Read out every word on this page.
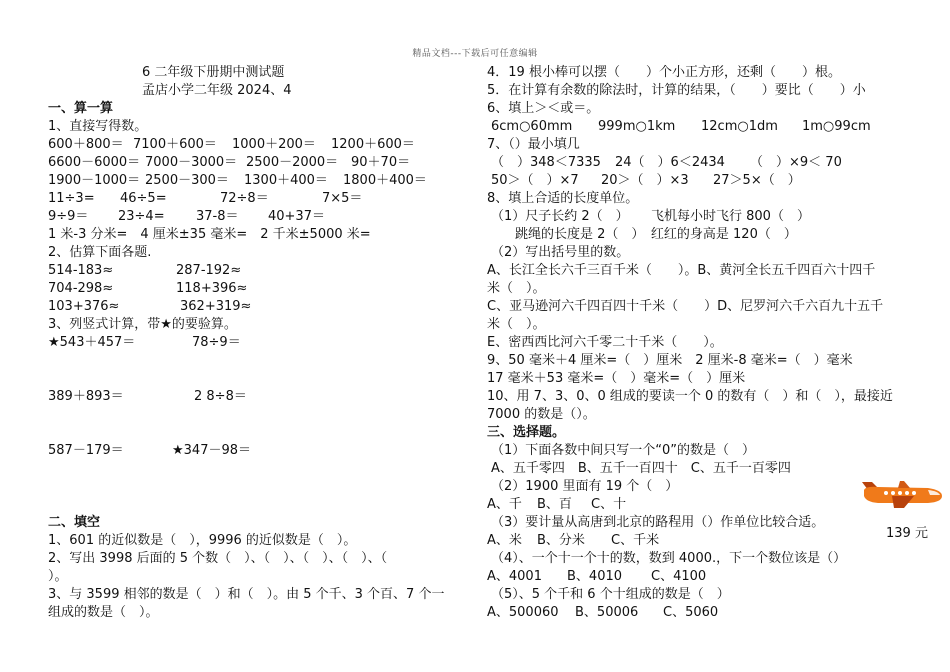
精品文档---下载后可任意编辑
6 二年级下册期中测试题
孟店小学二年级 2024、4
一、算一算
1、直接写得数。
600＋800＝ 7100＋600＝ 1000＋200＝ 1200＋600＝
6600－6000＝ 7000－3000＝ 2500－2000＝ 90＋70＝
1900－1000＝ 2500－300＝ 1300＋400＝ 1800＋400＝
11÷3= 46÷5=	72÷8＝	7×5＝
9÷9＝ 23÷4= 37-8＝ 40+37＝
1 米-3 分米=　4 厘米±35 毫米=　2 千米±5000 米=
2、估算下面各题.
514-183≈	287-192≈
704-298≈	118+396≈
103+376≈	362+319≈
3、列竖式计算，带★的要验算。
★543＋457＝	78÷9＝
389＋893＝	2 8÷8＝
587－179＝	★347－98＝
二、填空
1、601 的近似数是（　），9996 的近似数是（　）。
2、写出 3998 后面的 5 个数（　）、（　）、（　）、（　）、（
）。
3、与 3599 相邻的数是（　）和（　）。由 5 个千、3 个百、7 个一
组成的数是（　）。
4．19 根小棒可以摆（　　）个小正方形，还剩（　　）根。
5．在计算有余数的除法时，计算的结果，（　　）要比（　　）小
6、填上＞＜或＝。
6cm○60mm 999m○1km 12cm○1dm 1m○99cm
7、（）最小填几
（　）348＜7335 24（　）6＜2434 （　）×9＜ 70
50＞（　）×7 20＞（　）×3 27＞5×（　）
8、填上合适的长度单位。
（1）尺子长约 2（　） 飞机每小时飞行 800（　）
跳绳的长度是 2（　）　红红的身高是 120（　）
（2）写出括号里的数。
A、长江全长六千三百千米（　　）。B、黄河全长五千四百六十四千
米（　）。
C、亚马逊河六千四百四十千米（　　）D、尼罗河六千六百九十五千
米（　）。
E、密西西比河六千零二十千米（　　）。
9、50 毫米＋4 厘米=（　）厘米　2 厘米-8 毫米=（　）毫米
17 毫米＋53 毫米=（　）毫米=（　）厘米
10、用 7、3、0、0 组成的要读一个 0 的数有（　）和（　），最接近
7000 的数是（）。
三、选择题。
（1）下面各数中间只写一个“0”的数是（　）
A、五千零四　B、五千一百四十　C、五千一百零四
（2）1900 里面有 19 个（　）
A、千 B、百 C、十
（3）要计量从高唐到北京的路程用（）作单位比较合适。
A、米 B、分米 C、千米
（4）、一个十一个十的数，数到 4000.，下一个数位该是（）
A、4001 B、4010 C、4100
（5）、5 个千和 6 个十组成的数是（　）
A、500060 B、50006 C、5060
139 元
